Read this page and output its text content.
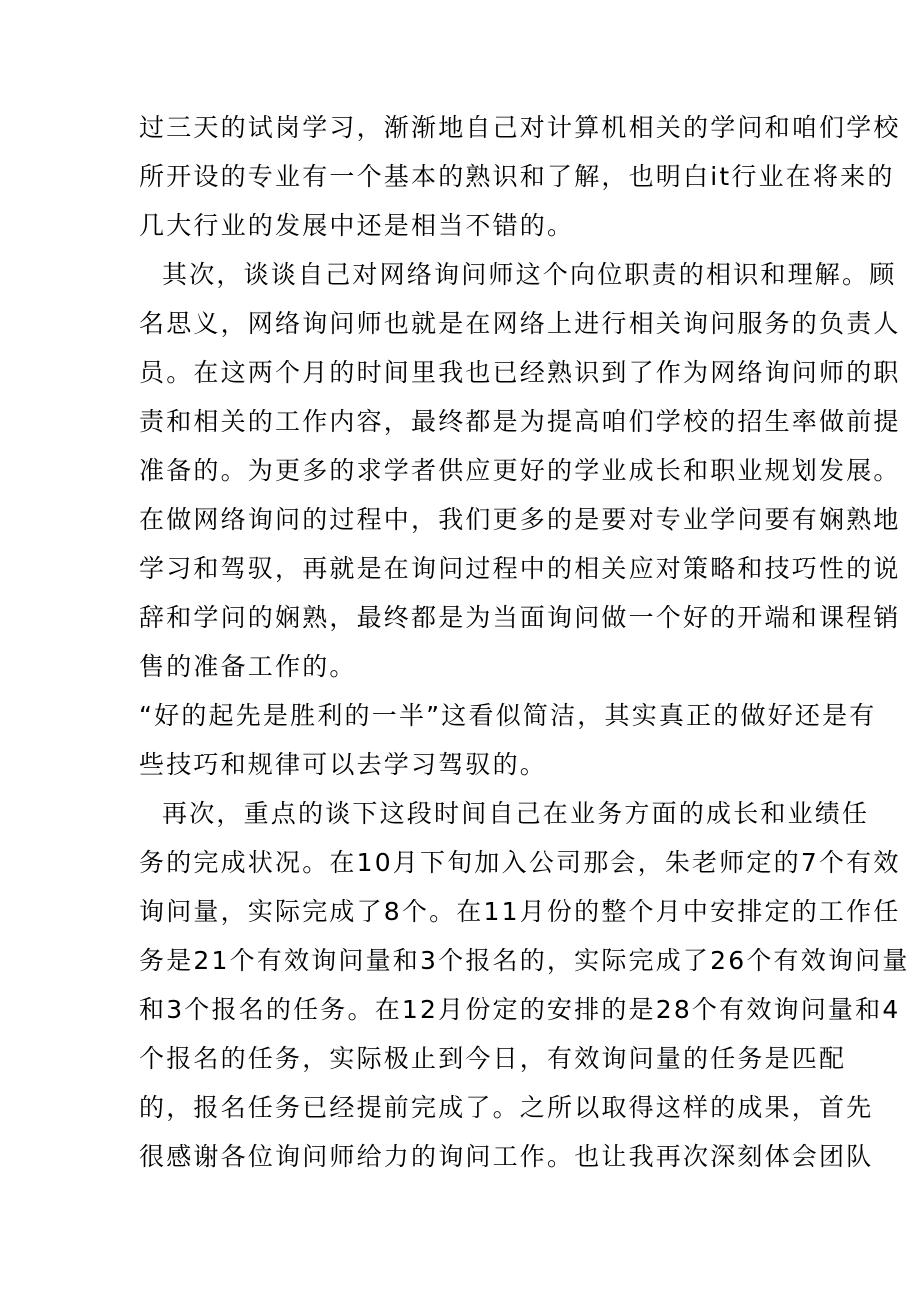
过三天的试岗学习，渐渐地自己对计算机相关的学问和咱们学校
所开设的专业有一个基本的熟识和了解，也明白it行业在将来的
几大行业的发展中还是相当不错的。
其次，谈谈自己对网络询问师这个向位职责的相识和理解。顾
名思义，网络询问师也就是在网络上进行相关询问服务的负责人
员。在这两个月的时间里我也已经熟识到了作为网络询问师的职
责和相关的工作内容，最终都是为提高咱们学校的招生率做前提
准备的。为更多的求学者供应更好的学业成长和职业规划发展。
在做网络询问的过程中，我们更多的是要对专业学问要有娴熟地
学习和驾驭，再就是在询问过程中的相关应对策略和技巧性的说
辞和学问的娴熟，最终都是为当面询问做一个好的开端和课程销
售的准备工作的。
“好的起先是胜利的一半”这看似简洁，其实真正的做好还是有
些技巧和规律可以去学习驾驭的。
再次，重点的谈下这段时间自己在业务方面的成长和业绩任
务的完成状况。在10月下旬加入公司那会，朱老师定的7个有效
询问量，实际完成了8个。在11月份的整个月中安排定的工作任
务是21个有效询问量和3个报名的，实际完成了26个有效询问量
和3个报名的任务。在12月份定的安排的是28个有效询问量和4
个报名的任务，实际极止到今日，有效询问量的任务是匹配
的，报名任务已经提前完成了。之所以取得这样的成果，首先
很感谢各位询问师给力的询问工作。也让我再次深刻体会团队
